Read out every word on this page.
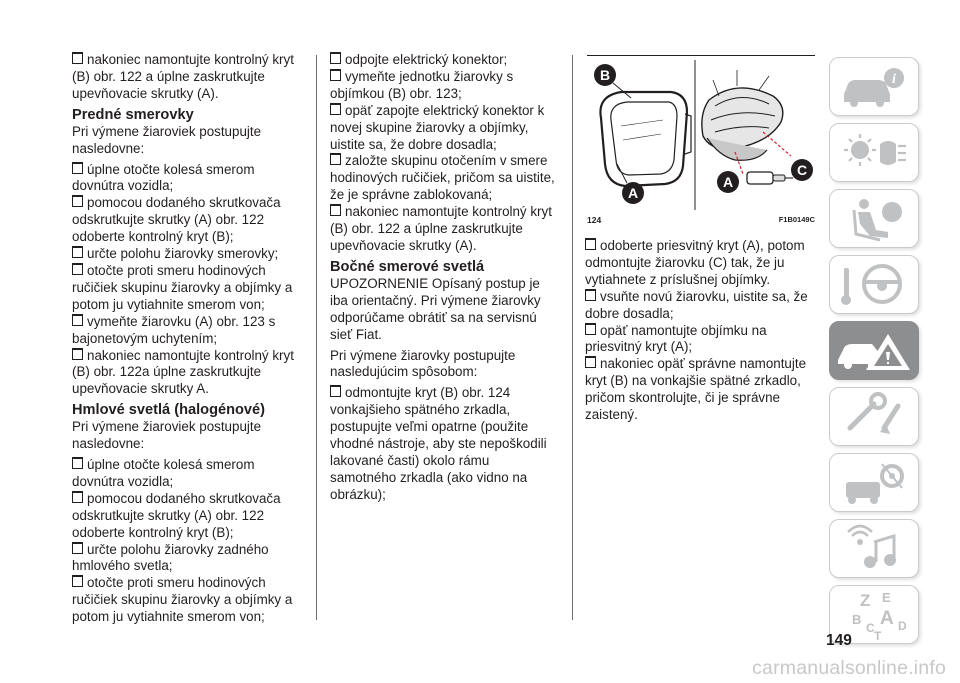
nakoniec namontujte kontrolný kryt (B) obr. 122 a úplne zaskrutkujte upevňovacie skrutky (A).
Predné smerovky
Pri výmene žiaroviek postupujte nasledovne:
úplne otočte kolesá smerom dovnútra vozidla;
pomocou dodaného skrutkovača odskrutkujte skrutky (A) obr. 122 odoberte kontrolný kryt (B);
určte polohu žiarovky smerovky;
otočte proti smeru hodinových ručičiek skupinu žiarovky a objímky a potom ju vytiahnite smerom von;
vymeňte žiarovku (A) obr. 123 s bajonetovým uchytením;
nakoniec namontujte kontrolný kryt (B) obr. 122a úplne zaskrutkujte upevňovacie skrutky A.
Hmlové svetlá (halogénové)
Pri výmene žiaroviek postupujte nasledovne:
úplne otočte kolesá smerom dovnútra vozidla;
pomocou dodaného skrutkovača odskrutkujte skrutky (A) obr. 122 odoberte kontrolný kryt (B);
určte polohu žiarovky zadného hmlového svetla;
otočte proti smeru hodinových ručičiek skupinu žiarovky a objímky a potom ju vytiahnite smerom von;
odpojte elektrický konektor;
vymeňte jednotku žiarovky s objímkou (B) obr. 123;
opäť zapojte elektrický konektor k novej skupine žiarovky a objímky, uistite sa, že dobre dosadla;
založte skupinu otočením v smere hodinových ručičiek, pričom sa uistite, že je správne zablokovaná;
nakoniec namontujte kontrolný kryt (B) obr. 122 a úplne zaskrutkujte upevňovacie skrutky (A).
Bočné smerové svetlá
UPOZORNENIE Opísaný postup je iba orientačný. Pri výmene žiarovky odporúčame obrátiť sa na servisnú sieť Fiat.
Pri výmene žiarovky postupujte nasledujúcim spôsobom:
odmontujte kryt (B) obr. 124 vonkajšieho spätného zrkadla, postupujte veľmi opatrne (použite vhodné nástroje, aby ste nepoškodili lakované časti) okolo rámu samotného zrkadla (ako vidno na obrázku);
B
A
A
C
124	F1B0149C
odoberte priesvitný kryt (A), potom odmontujte žiarovku (C) tak, že ju vytiahnete z príslušnej objímky.
vsuňte novú žiarovku, uistite sa, že dobre dosadla;
opäť namontujte objímku na priesvitný kryt (A);
nakoniec opäť správne namontujte kryt (B) na vonkajšie spätné zrkadlo, pričom skontrolujte, či je správne zaistený.
i
Z E
B A
C
T
D
149
carmanualsonline.info
